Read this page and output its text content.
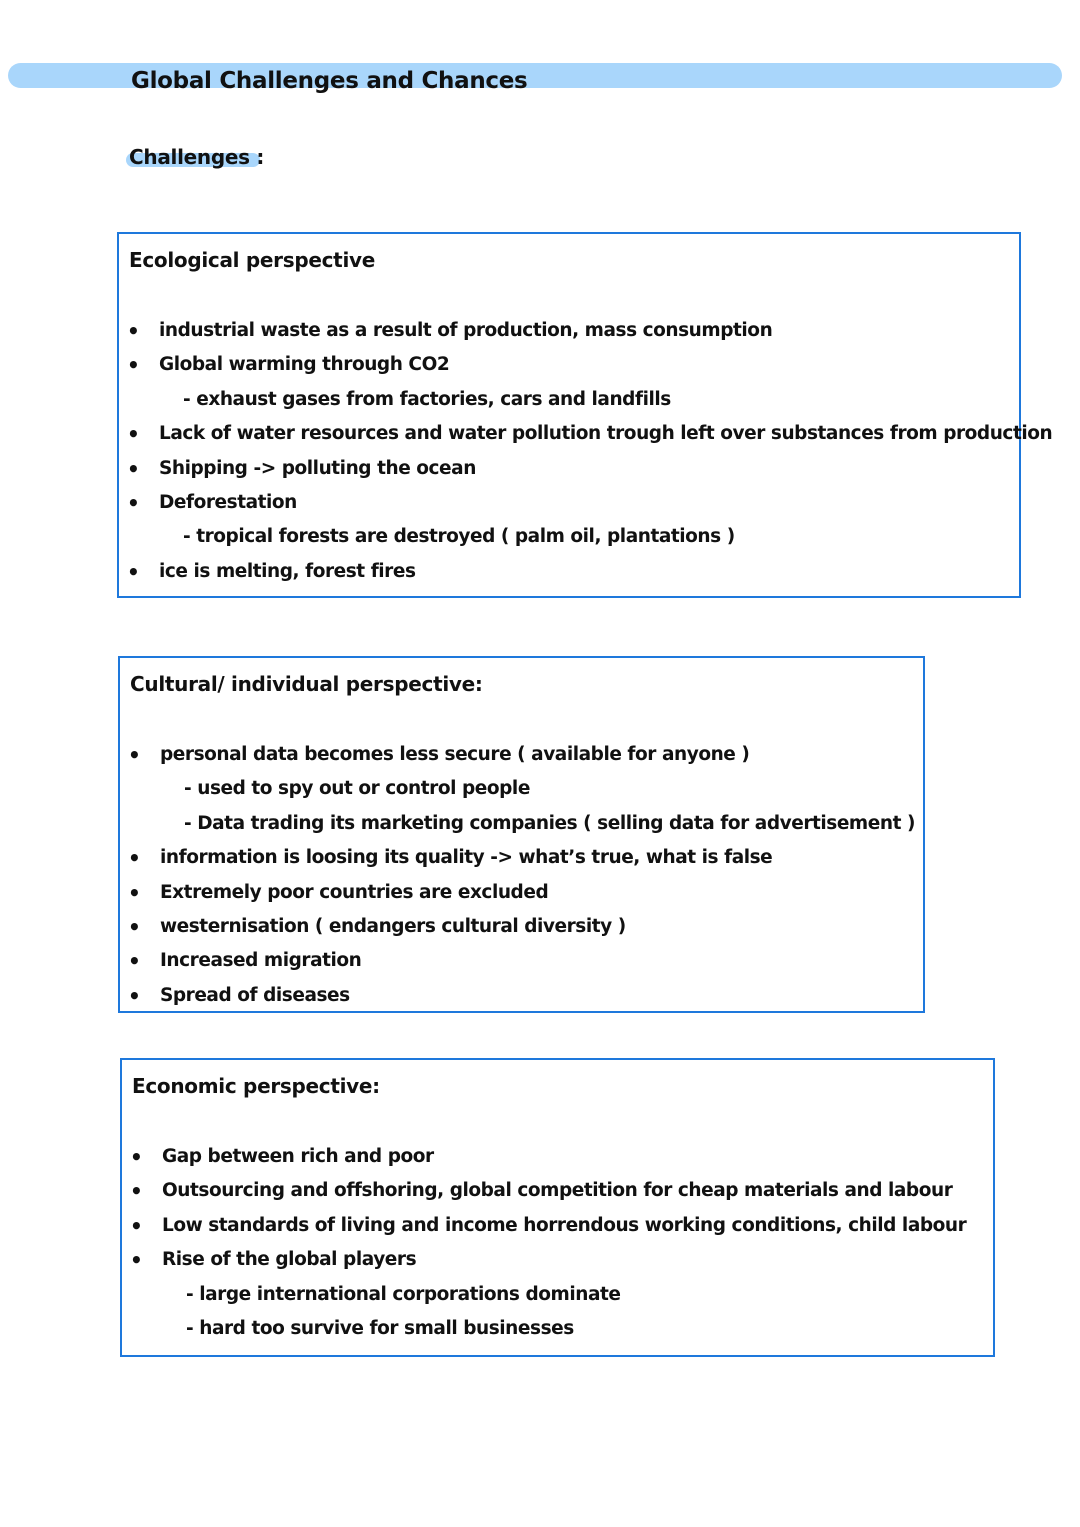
Global Challenges and Chances
Challenges :
Ecological perspective
• industrial waste as a result of production, mass consumption
• Global warming through CO2
- exhaust gases from factories, cars and landfills
• Lack of water resources and water pollution trough left over substances from production
• Shipping -> polluting the ocean
• Deforestation
- tropical forests are destroyed ( palm oil, plantations )
• ice is melting, forest fires
Cultural/ individual perspective:
• personal data becomes less secure ( available for anyone )
- used to spy out or control people
- Data trading its marketing companies ( selling data for advertisement )
• information is loosing its quality -> what’s true, what is false
• Extremely poor countries are excluded
• westernisation ( endangers cultural diversity )
• Increased migration
• Spread of diseases
Economic perspective:
• Gap between rich and poor
• Outsourcing and offshoring, global competition for cheap materials and labour
• Low standards of living and income horrendous working conditions, child labour
• Rise of the global players
- large international corporations dominate
- hard too survive for small businesses
